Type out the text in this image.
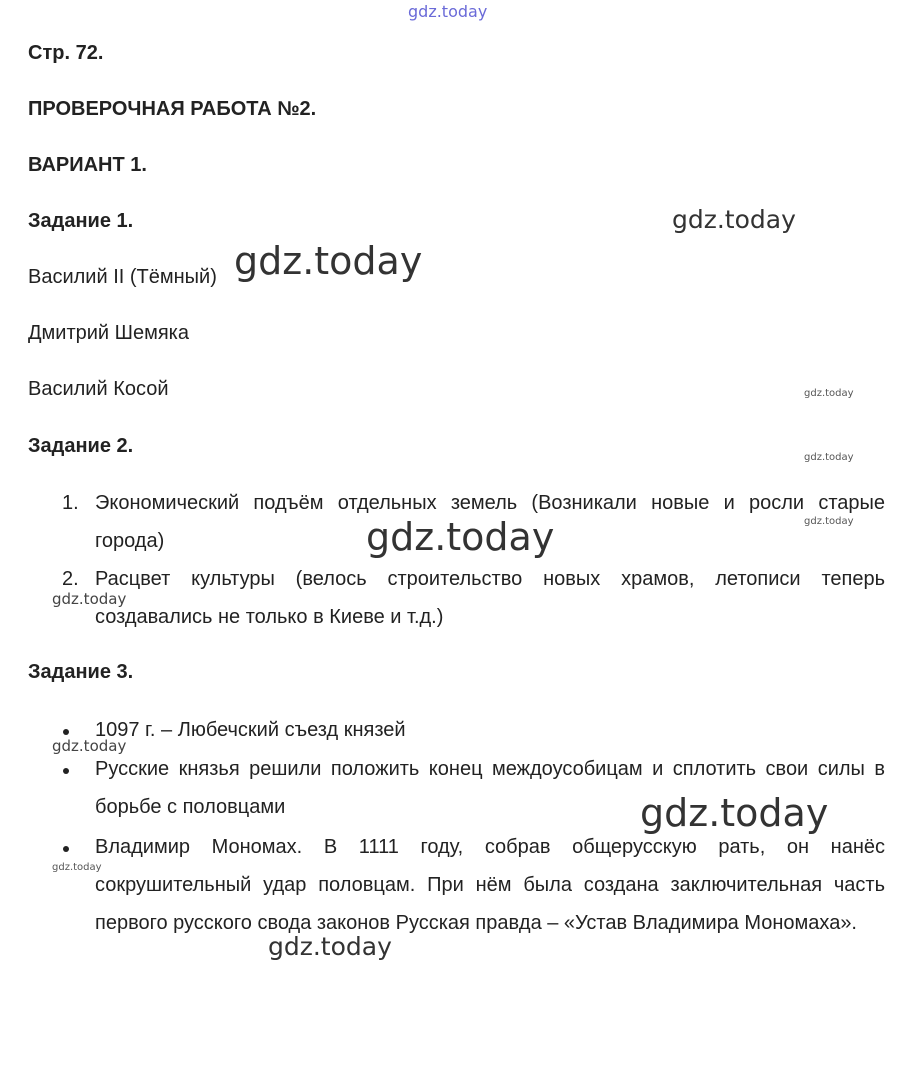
Стр. 72.
ПРОВЕРОЧНАЯ РАБОТА №2.
ВАРИАНТ 1.
Задание 1.
Василий II (Тёмный)
Дмитрий Шемяка
Василий Косой
Задание 2.
1. Экономический подъём отдельных земель (Возникали новые и росли старые города)
2. Расцвет культуры (велось строительство новых храмов, летописи теперь создавались не только в Киеве и т.д.)
Задание 3.
1097 г. – Любечский съезд князей
Русские князья решили положить конец междоусобицам и сплотить свои силы в борьбе с половцами
Владимир Мономах. В 1111 году, собрав общерусскую рать, он нанёс сокрушительный удар половцам. При нём была создана заключительная часть первого русского свода законов Русская правда – «Устав Владимира Мономаха».
gdz.today
gdz.today
gdz.today
gdz.today
gdz.today
gdz.today
gdz.today
gdz.today
gdz.today
gdz.today
gdz.today
gdz.today
